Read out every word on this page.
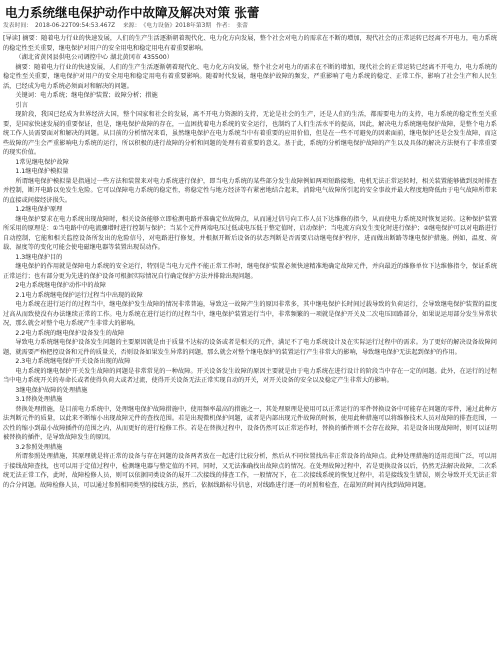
电力系统继电保护动作中故障及解决对策 张蕾
发表时间： 2018-06-22T09:54:53.467Z 来源： 《电力设备》2018年第3期 作者： 张蕾

[导读] 摘要：随着电力行业的快速发展，人们的生产生活逐渐朝着现代化、电力化方向发展，整个社会对电力的需求在不断的增加，现代社会的正常运转已经离不开电力，电力系统的稳定性至关重要，继电保护对用户的安全用电和稳定用电有着重要影响。

（湖北省黄冈县供电公司调控中心 湖北黄冈市 435500）

摘要：随着电力行业的快速发展，人们的生产生活逐渐朝着现代化、电力化方向发展，整个社会对电力的需求在不断的增加，现代社会的正常运转已经离不开电力，电力系统的稳定性至关重要，继电保护对用户的安全用电和稳定用电有着重要影响。随着时代发展，继电保护故障的频发，严重影响了电力系统的稳定、正常工作，影响了社会生产和人民生活，已经成为电力系统必须面对和解决的问题。

关键词：电力系统；继电保护装置；故障分析；措施

引言

现阶段，我国已经成为世界经济大国，整个国家和社会的发展，离不开电力资源的支持，无论是社会的生产，还是人们的生活，都需要电力的支持，电力系统的稳定性至关重要，是国家快速发展的重要保证，但是，继电保护故障的存在，一直困扰着电力系统的安全运行，也制约了人们生活水平的提高，因此，解决电力系统继电保护故障，是整个电力系统工作人员需要面对和解决的问题。从目前的分析情况来看，虽然继电保护在电力系统当中有着重要的应用价值，但是在一些不可避免的因素面前，继电保护还是会发生故障，而这些故障的产生会严重影响电力系统的运行，所以积极的进行故障的分析和问题的处理有着重要的意义。基于此，系统的分析继电保护故障的产生以及具体的解决方法便有了非常重要的现实价值。

1常见继电保护故障

1.1继电保护模拟量

所谓继电保护模拟量是指通过一些方法和装置来对电力系统进行保护，即当电力系统的某些部分发生故障例如两项短路接地、电机无法正常运转时，相关装置能够做到及时排查并控制，断开电路以免发生危险。它可以保障电力系统的稳定性，将稳定性与地方经济等有紧密地结合起来，消除电气故障所引起的安全事故并最大程度地降低由于电气故障所带来的直接或间接经济损失。

1.2继电保护原理

继电保护要求在电力系统出现故障时，相关设备能够立即检测电路并准确定位故障点，从而通过信号向工作人员下达维修的指令，从而使电力系统及时恢复运转。这种保护装置所采用的原理是：①当电路中的电流骤增时进行控制与保护；当某个元件两端电压过低或电压低于整定值时，启动保护；当电流方向发生变化时进行保护；②继电保护可以对电路进行自动控制，它能和相关监控设备所发出的危险信号，对电路进行修复，并根据开断后设备的状态判断是否需要启动继电保护程序，进而做出断路等继电保护措施。例如，温度、荷载、湿度等的变化可能会使电磁继电器等装置出现误动作。

1.3继电保护目的

继电保护的作用就是保障电力系统的安全运行，特别是当电力元件不能正常工作时，继电保护装置必须快速精准地确定故障元件，并向最近的维修单位下达维修指令，保证系统正常运行；也有部分更为先进的保护设备可根据实际情况自行确定保护方法并排除出现问题。

2电力系统继电保护动作中的故障

2.1电力系统继电保护运行过程当中出现的故障

电力系统在进行运行的过程当中，继电保护发生故障的情况非常普遍，导致这一故障产生的原因非常多，其中继电保护长时间过载导致的负荷运行，会导致继电保护装置的温度过高从而致使没有办法继续正常的工作。电力系统在进行运行的过程当中，继电保护装置运行当中，非常频繁的一项就是保护开关及二次电压回路部分，如果说运用部分发生异常状况，那么就会对整个电力系统产生非常大的影响。

2.2电力系统的继电保护设备发生的故障

导致电力系统继电保护设备发生问题的主要原因就是由于质量不达标的设备或者是相关的元件，满足不了电力系统设计及在实际运行过程中的需求。为了更好的解决设备故障问题，就需要严格把控设备和元件的质量关，否则设备如果发生异常的问题，那么就会对整个继电保护的装置运行产生非常大的影响，导致继电保护无法起到保护的作用。

2.3电力系统继电保护开关设备出现的故障

电力系统的继电保护开关发生故障的问题是非常常见的一种故障。开关设备发生故障的原因主要就是由于电力系统在进行设计的阶段当中存在一定的问题。此外，在运行的过程当中电力系统开关的寿命长或者使得负荷大或者过流，使得开关设备无法正常实现自动的开关，对开关设备的安全以及稳定产生非常大的影响。

3继电保护故障的处理措施

3.1替换处理措施

替换处理措施，是目前电力系统中，处理继电保护故障措施中，使用频率最高的措施之一，其处理原理是使用可以正常运行的零件替换设备中可能存在问题的零件，通过此种方法判断元件的质量，以此来不断缩小出现故障元件的查找范围。若是出现微机保护问题，或者是内部出现元件故障的时候，使用此种措施可以将维修技术人员对故障的排查范围，一次性的缩小到最小故障插件的范围之内，从而更好的进行检修工作。若是在替换过程中，设备仍然可以正常运作时，替换的插件则不会存在故障，若是设备出现故障时，则可以证明被替换的插件，是导致故障发生的原因。

3.2参照处理措施

所谓参照处理措施，其原理就是将正常的设备与存在问题的设备两者放在一起进行比较分析，然后从不同位置找出非正常设备的故障点。此种处理措施的适用范围广泛，可以用于接线故障查找，也可以用于定值过程中，检测继电器与整定值的不同，同时，又无法准确找出故障点的情况。在处理故障过程中，若是更换设备以后，仍然无法解决故障，二次系统无法正常工作，此时，故障检修人员，则可以依据同类设备的展开二次接线的排查工作，一般情况下，在二次接线系统的恢复过程中，若是接线发生错误，则会导致开关无法正常的合分问题。故障检修人员，可以通过参照相同类型的接线方法，然后，依据线路标号信息，对线路进行逐一的对照和检查，在最短的时间内找到故障问题。
